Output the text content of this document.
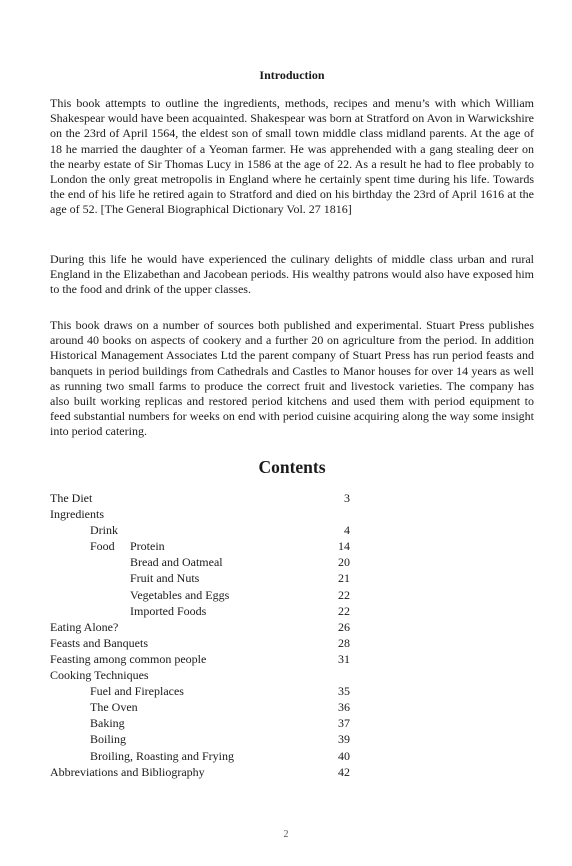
Introduction

This book attempts to outline the ingredients, methods, recipes and menu’s with which William Shakespear would have been acquainted. Shakespear was born at Stratford on Avon in Warwickshire on the 23rd of April 1564, the eldest son of small town middle class midland parents. At the age of 18 he married the daughter of a Yeoman farmer. He was apprehended with a gang stealing deer on the nearby estate of Sir Thomas Lucy in 1586 at the age of 22. As a result he had to flee probably to London the only great metropolis in England where he certainly spent time during his life. Towards the end of his life he retired again to Stratford and died on his birthday the 23rd of April 1616 at the age of 52. [The General Biographical Dictionary Vol. 27 1816]

During this life he would have experienced the culinary delights of middle class urban and rural England in the Elizabethan and Jacobean periods. His wealthy patrons would also have exposed him to the food and drink of the upper classes.

This book draws on a number of sources both published and experimental. Stuart Press publishes around 40 books on aspects of cookery and a further 20 on agriculture from the period. In addition Historical Management Associates Ltd the parent company of Stuart Press has run period feasts and banquets in period buildings from Cathedrals and Castles to Manor houses for over 14 years as well as running two small farms to produce the correct fruit and livestock varieties. The company has also built working replicas and restored period kitchens and used them with period equipment to feed substantial numbers for weeks on end with period cuisine acquiring along the way some insight into period catering.

Contents
The Diet	3
Ingredients
Drink	4
Food Protein	14
Bread and Oatmeal	20
Fruit and Nuts	21
Vegetables and Eggs	22
Imported Foods	22
Eating Alone?	26
Feasts and Banquets	28
Feasting among common people	31
Cooking Techniques
Fuel and Fireplaces	35
The Oven	36
Baking	37
Boiling	39
Broiling, Roasting and Frying	40
Abbreviations and Bibliography	42
2
